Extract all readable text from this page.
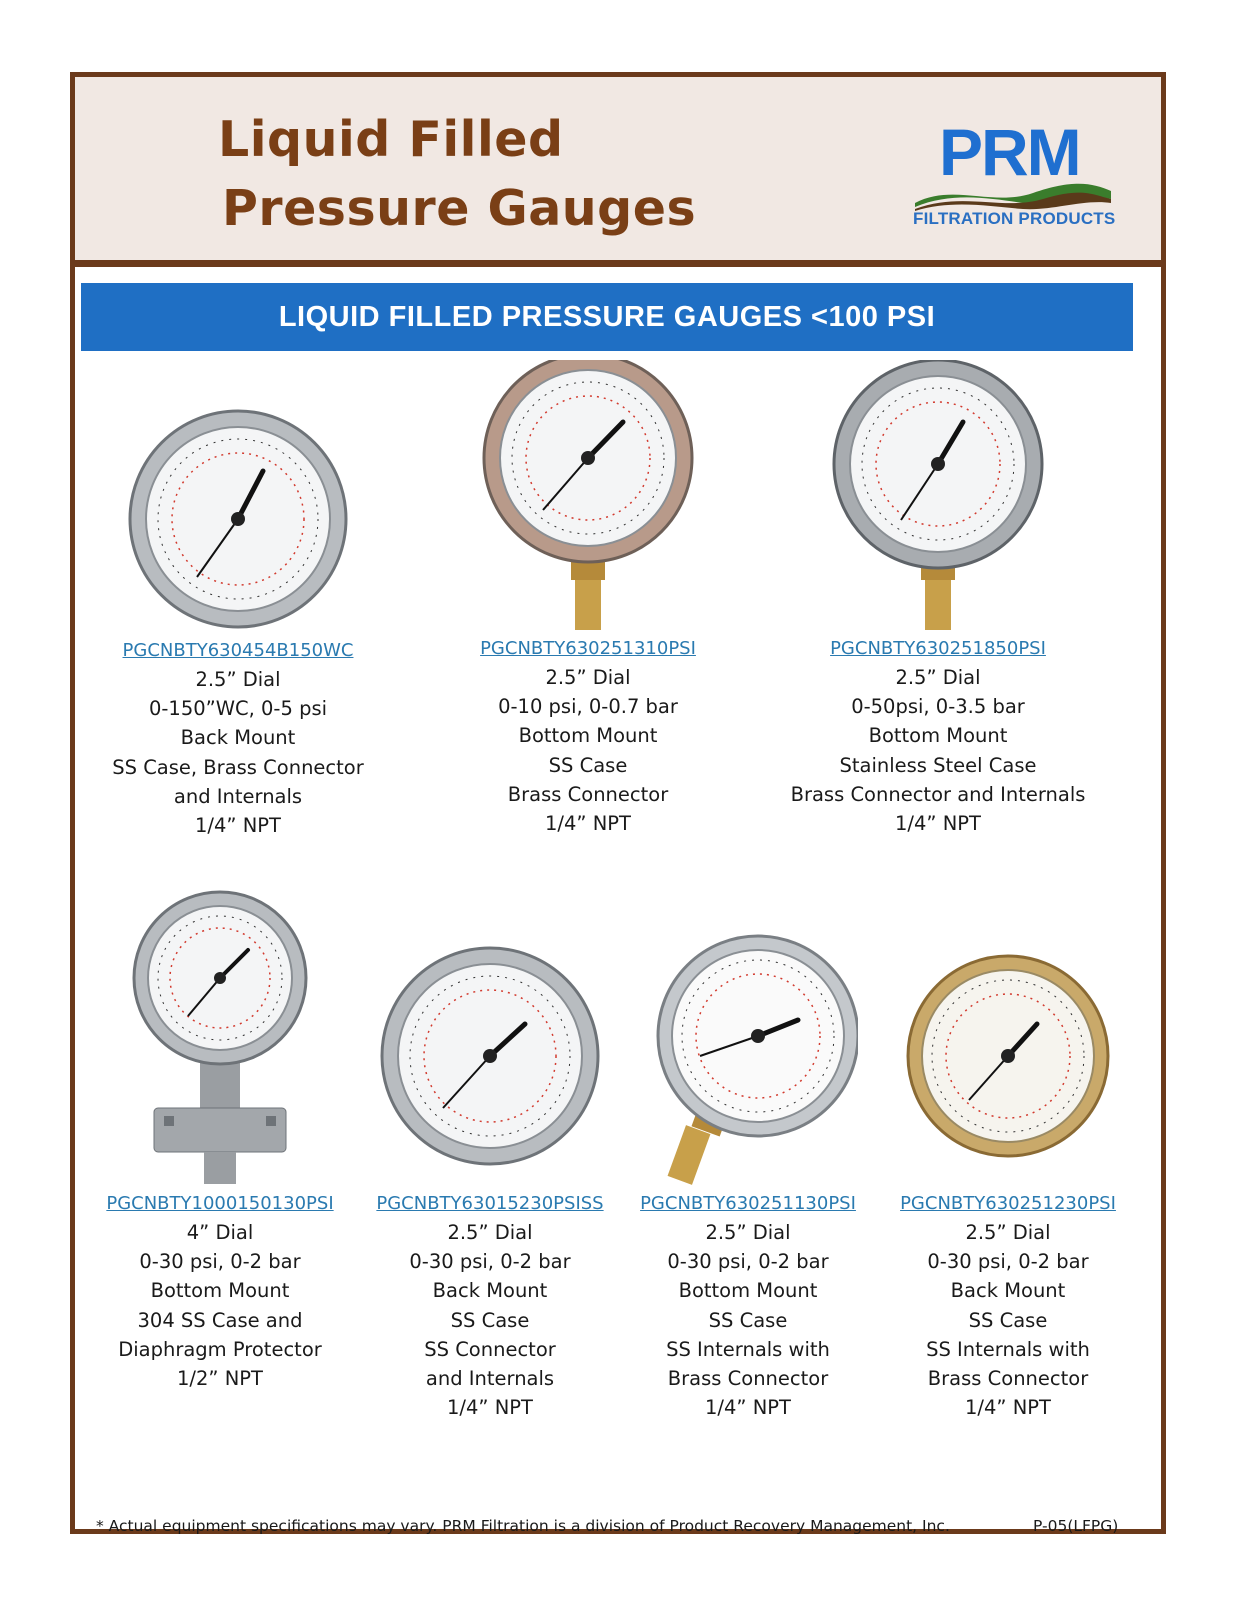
Liquid Filled
Pressure Gauges
PRM
FILTRATION PRODUCTS
LIQUID FILLED PRESSURE GAUGES <100 PSI
PGCNBTY630454B150WC
2.5” Dial
0-150”WC, 0-5 psi
Back Mount
SS Case, Brass Connector
and Internals
1/4” NPT
PGCNBTY630251310PSI
2.5” Dial
0-10 psi, 0-0.7 bar
Bottom Mount
SS Case
Brass Connector
1/4” NPT
PGCNBTY630251850PSI
2.5” Dial
0-50psi, 0-3.5 bar
Bottom Mount
Stainless Steel Case
Brass Connector and Internals
1/4” NPT
PGCNBTY1000150130PSI
4” Dial
0-30 psi, 0-2 bar
Bottom Mount
304 SS Case and
Diaphragm Protector
1/2” NPT
PGCNBTY63015230PSISS
2.5” Dial
0-30 psi, 0-2 bar
Back Mount
SS Case
SS Connector
and Internals
1/4” NPT
PGCNBTY630251130PSI
2.5” Dial
0-30 psi, 0-2 bar
Bottom Mount
SS Case
SS Internals with
Brass Connector
1/4” NPT
PGCNBTY630251230PSI
2.5” Dial
0-30 psi, 0-2 bar
Back Mount
SS Case
SS Internals with
Brass Connector
1/4” NPT
* Actual equipment specifications may vary. PRM Filtration is a division of Product Recovery Management, Inc.	P-05(LFPG)
